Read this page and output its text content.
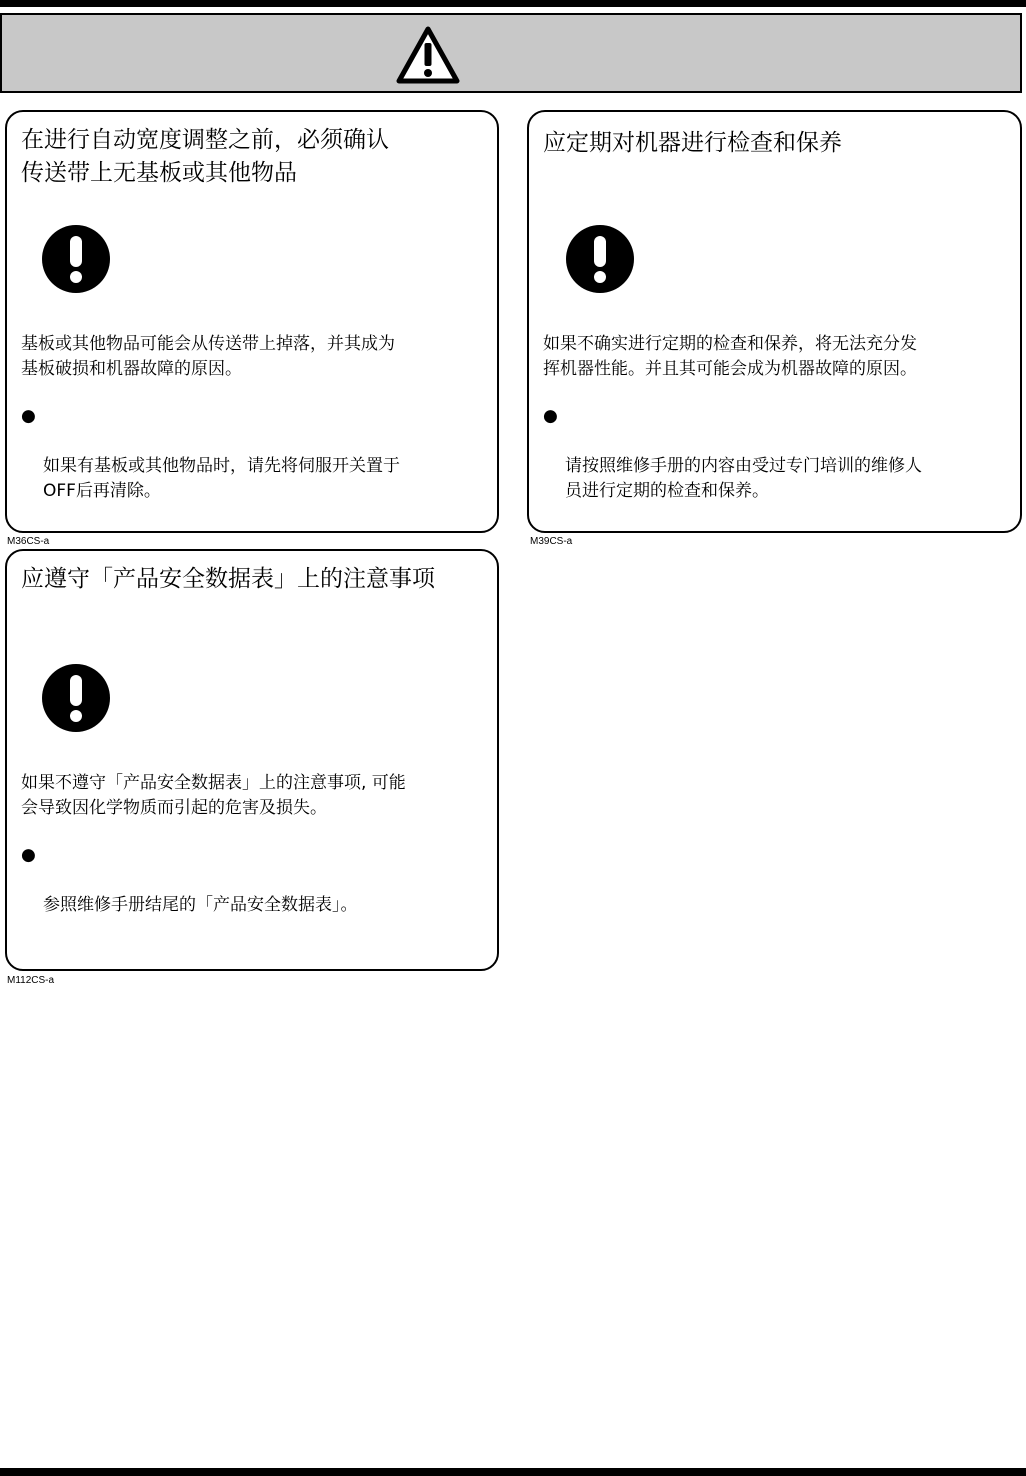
在进行自动宽度调整之前，必须确认
传送带上无基板或其他物品
基板或其他物品可能会从传送带上掉落，并其成为
基板破损和机器故障的原因。

●

如果有基板或其他物品时，请先将伺服开关置于
OFF后再清除。

M36CS-a
应定期对机器进行检查和保养
如果不确实进行定期的检查和保养，将无法充分发
挥机器性能。并且其可能会成为机器故障的原因。

●

请按照维修手册的内容由受过专门培训的维修人
员进行定期的检查和保养。

M39CS-a
应遵守「产品安全数据表」上的注意事项
如果不遵守「产品安全数据表」上的注意事项, 可能
会导致因化学物质而引起的危害及损失。

●

参照维修手册结尾的「产品安全数据表」。

M112CS-a
